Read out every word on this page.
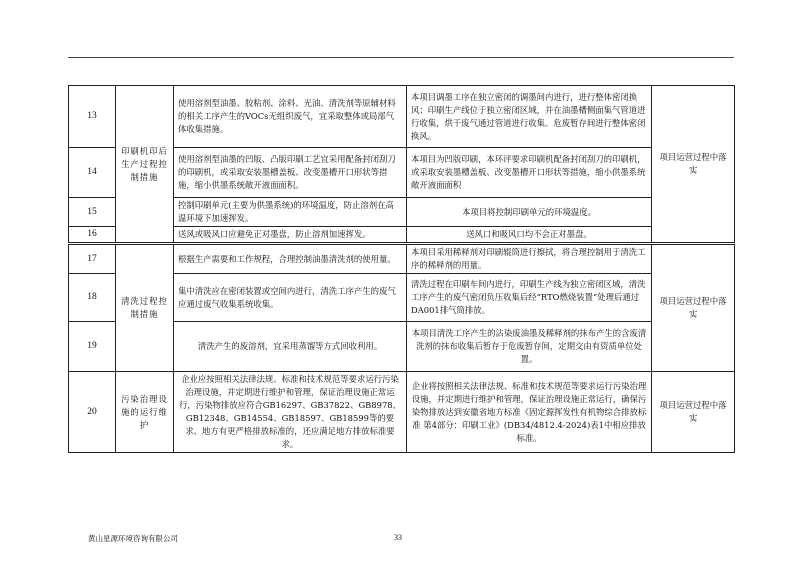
13	印刷机印后生产过程控制措施	使用溶剂型油墨、胶粘剂、涂料、光油、清洗剂等原辅材料的相关工序产生的VOCs无组织废气，宜采取整体或局部气体收集措施。	本项目调墨工序在独立密闭的调墨间内进行，进行整体密闭换风；印刷生产线位于独立密闭区域，并在油墨槽侧面集气管道进行收集，烘干废气通过管道进行收集。危废暂存间进行整体密闭换风。	项目运营过程中落实
14		使用溶剂型油墨的凹版、凸版印刷工艺宜采用配备封闭刮刀的印刷机，或采取安装墨槽盖板、改变墨槽开口形状等措施，缩小供墨系统敞开液面面积。	本项目为凹版印刷，本环评要求印刷机配备封闭刮刀的印刷机，或采取安装墨槽盖板、改变墨槽开口形状等措施，缩小供墨系统敞开液面面积	
15		控制印刷单元(主要为供墨系统)的环境温度，防止溶剂在高温环境下加速挥发。	本项目将控制印刷单元的环境温度。	
16		送风或吸风口应避免正对墨盘，防止溶剂加速挥发。	送风口和吸风口均不会正对墨盘。	
17	清洗过程控制措施	根据生产需要和工作规程，合理控制油墨清洗剂的使用量。	本项目采用稀释剂对印刷辊筒进行擦拭，将合理控制用于清洗工序的稀释剂的用量。	项目运营过程中落实
18		集中清洗应在密闭装置或空间内进行，清洗工序产生的废气应通过废气收集系统收集。	清洗过程在印刷车间内进行，印刷生产线为独立密闭区域，清洗工序产生的废气密闭负压收集后经“RTO燃烧装置”处理后通过DA001排气筒排放。	
19		清洗产生的废溶剂，宜采用蒸馏等方式回收利用。	本项目清洗工序产生的沾染废油墨及稀释剂的抹布产生的含废清洗剂的抹布收集后暂存于危废暂存间，定期交由有资质单位处置。	
20	污染治理设施的运行维护	企业应按照相关法律法规、标准和技术规范等要求运行污染治理设施，并定期进行维护和管理，保证治理设施正常运行，污染物排放应符合GB16297、GB37822、GB8978、GB12348、GB14554、GB18597、GB18599等的要求。地方有更严格排放标准的，还应满足地方排放标准要求。	企业将按照相关法律法规、标准和技术规范等要求运行污染治理设施，并定期进行维护和管理，保证治理设施正常运行，确保污染物排放达到安徽省地方标准《固定源挥发性有机物综合排放标准 第4部分：印刷工业》(DB34/4812.4-2024)表1中相应排放标准。	项目运营过程中落实
黄山星源环境咨询有限公司	33
